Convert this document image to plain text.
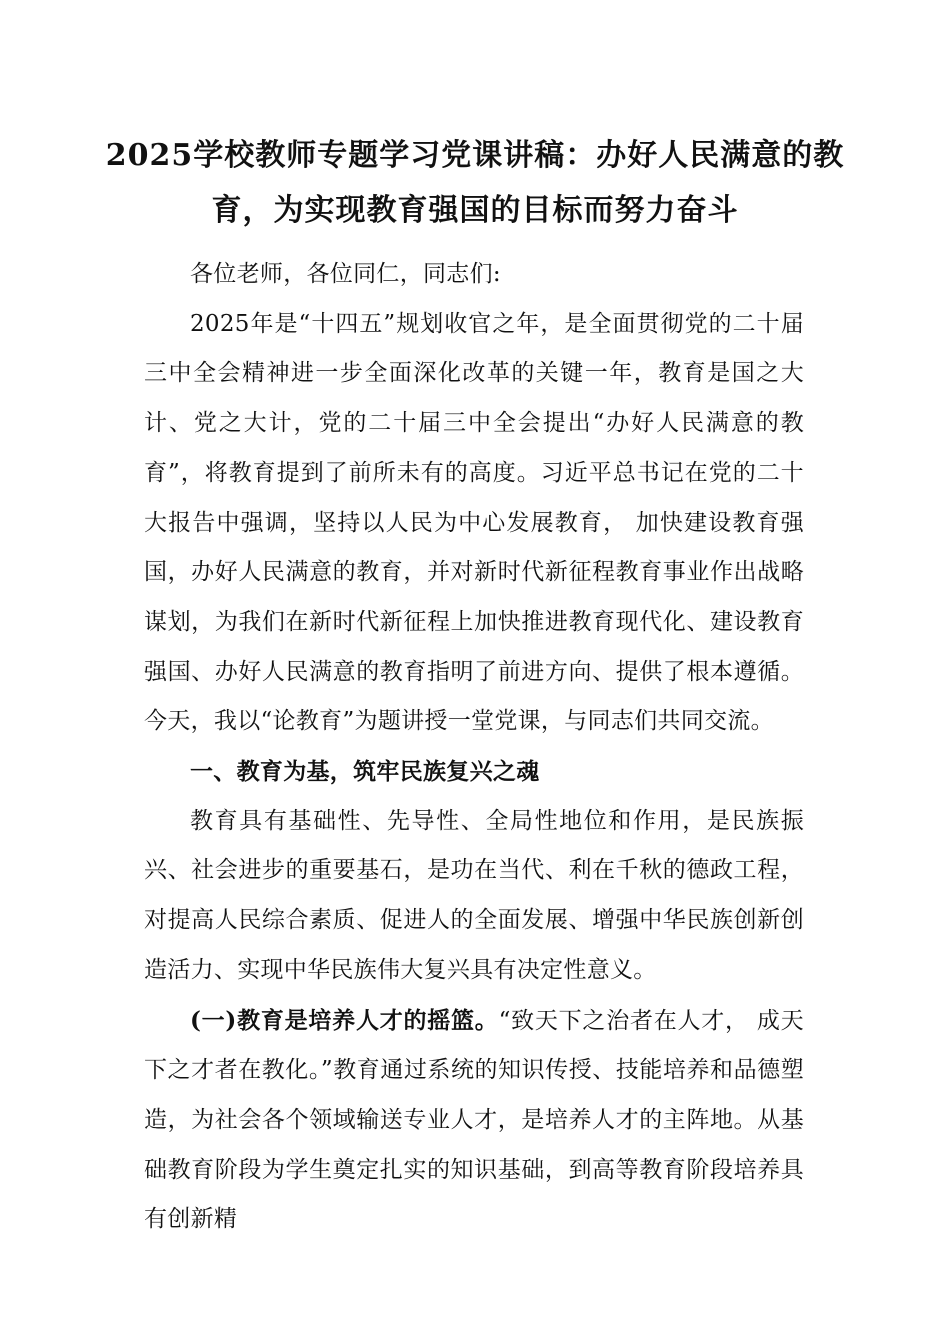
2025学校教师专题学习党课讲稿：办好人民满意的教育，为实现教育强国的目标而努力奋斗

各位老师，各位同仁，同志们:

2025年是“十四五”规划收官之年，是全面贯彻党的二十届三中全会精神进一步全面深化改革的关键一年，教育是国之大计、党之大计，党的二十届三中全会提出“办好人民满意的教育”，将教育提到了前所未有的高度。习近平总书记在党的二十大报告中强调，坚持以人民为中心发展教育， 加快建设教育强国，办好人民满意的教育，并对新时代新征程教育事业作出战略谋划，为我们在新时代新征程上加快推进教育现代化、建设教育强国、办好人民满意的教育指明了前进方向、提供了根本遵循。今天，我以“论教育”为题讲授一堂党课，与同志们共同交流。

一、教育为基，筑牢民族复兴之魂

教育具有基础性、先导性、全局性地位和作用，是民族振兴、社会进步的重要基石，是功在当代、利在千秋的德政工程，对提高人民综合素质、促进人的全面发展、增强中华民族创新创造活力、实现中华民族伟大复兴具有决定性意义。

(一)教育是培养人才的摇篮。“致天下之治者在人才， 成天下之才者在教化。”教育通过系统的知识传授、技能培养和品德塑造，为社会各个领域输送专业人才，是培养人才的主阵地。从基础教育阶段为学生奠定扎实的知识基础，到高等教育阶段培养具有创新精
